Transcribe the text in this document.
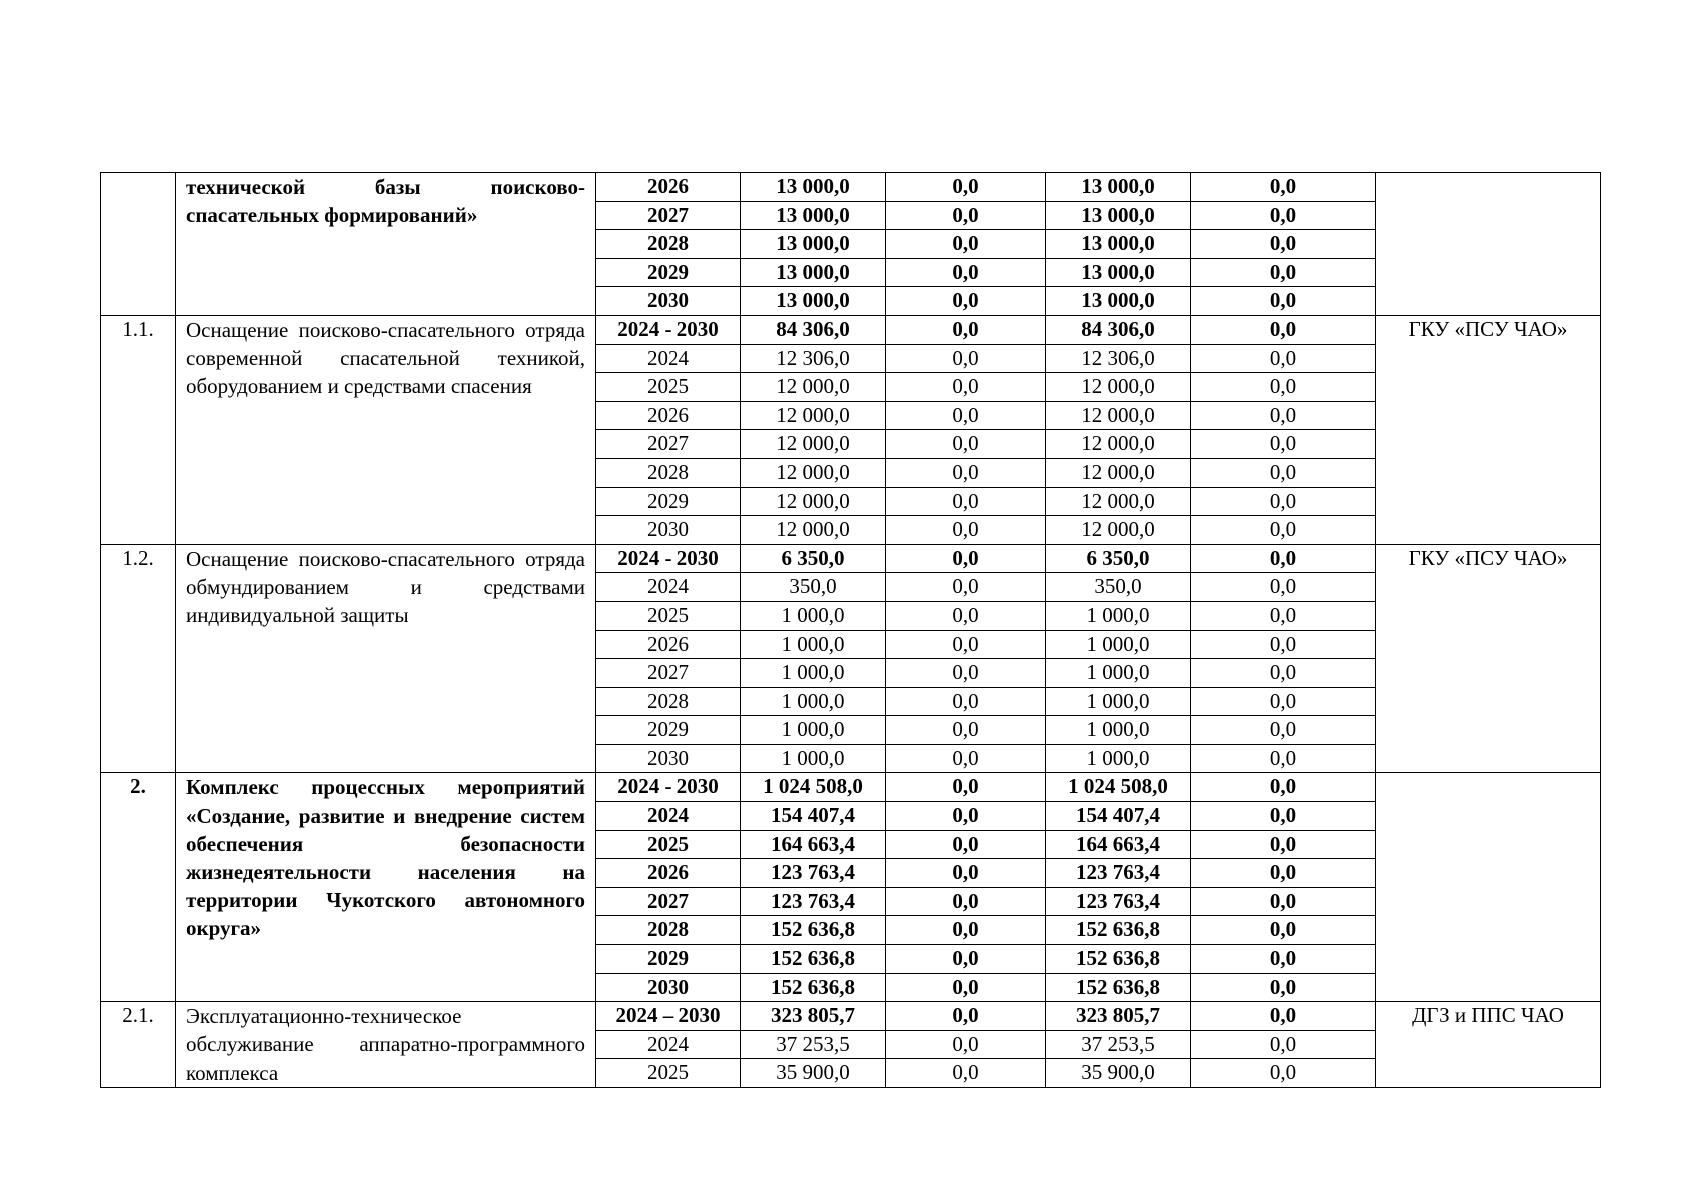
	технической базы поисково-спасательных формирований»	2026	13 000,0	0,0	13 000,0	0,0	
		2027	13 000,0	0,0	13 000,0	0,0	
		2028	13 000,0	0,0	13 000,0	0,0	
		2029	13 000,0	0,0	13 000,0	0,0	
		2030	13 000,0	0,0	13 000,0	0,0	
1.1.	Оснащение поисково-спасательного отряда современной спасательной техникой, оборудованием и средствами спасения	2024 - 2030	84 306,0	0,0	84 306,0	0,0	ГКУ «ПСУ ЧАО»
		2024	12 306,0	0,0	12 306,0	0,0	
		2025	12 000,0	0,0	12 000,0	0,0	
		2026	12 000,0	0,0	12 000,0	0,0	
		2027	12 000,0	0,0	12 000,0	0,0	
		2028	12 000,0	0,0	12 000,0	0,0	
		2029	12 000,0	0,0	12 000,0	0,0	
		2030	12 000,0	0,0	12 000,0	0,0	
1.2.	Оснащение поисково-спасательного отряда обмундированием и средствами индивидуальной защиты	2024 - 2030	6 350,0	0,0	6 350,0	0,0	ГКУ «ПСУ ЧАО»
		2024	350,0	0,0	350,0	0,0	
		2025	1 000,0	0,0	1 000,0	0,0	
		2026	1 000,0	0,0	1 000,0	0,0	
		2027	1 000,0	0,0	1 000,0	0,0	
		2028	1 000,0	0,0	1 000,0	0,0	
		2029	1 000,0	0,0	1 000,0	0,0	
		2030	1 000,0	0,0	1 000,0	0,0	
2.	Комплекс процессных мероприятий «Создание, развитие и внедрение систем обеспечения безопасности жизнедеятельности населения на территории Чукотского автономного округа»	2024 - 2030	1 024 508,0	0,0	1 024 508,0	0,0	
		2024	154 407,4	0,0	154 407,4	0,0	
		2025	164 663,4	0,0	164 663,4	0,0	
		2026	123 763,4	0,0	123 763,4	0,0	
		2027	123 763,4	0,0	123 763,4	0,0	
		2028	152 636,8	0,0	152 636,8	0,0	
		2029	152 636,8	0,0	152 636,8	0,0	
		2030	152 636,8	0,0	152 636,8	0,0	
2.1.	Эксплуатационно-техническое обслуживание аппаратно-программного комплекса	2024 – 2030	323 805,7	0,0	323 805,7	0,0	ДГЗ и ППС ЧАО
		2024	37 253,5	0,0	37 253,5	0,0	
		2025	35 900,0	0,0	35 900,0	0,0	
